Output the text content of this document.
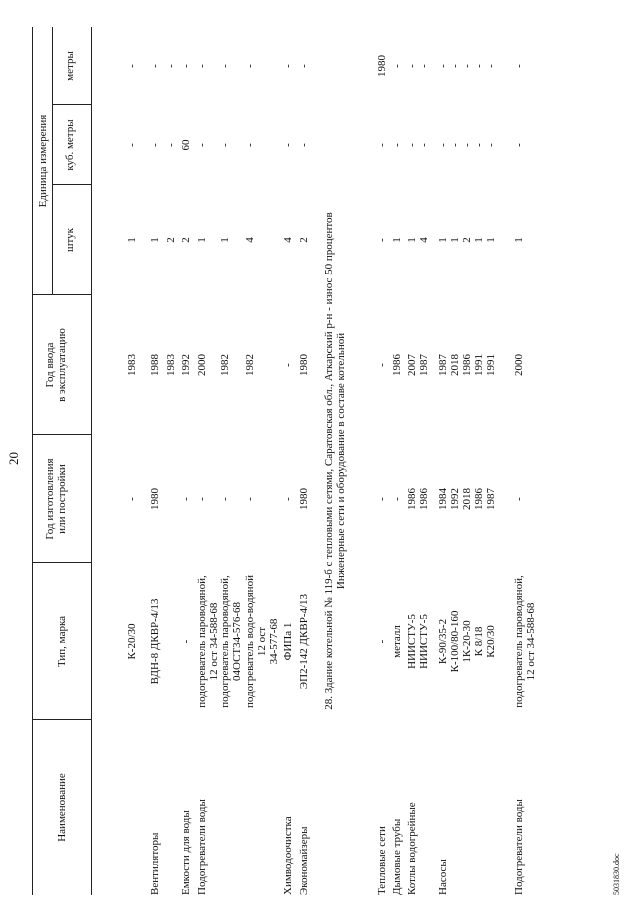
20
Наименование
Тип, марка
Год изготовления или постройки
Год ввода в эксплуатацию
Единица измерения
штук
куб. метры
метры
К-20/30
-
1983
1
-
-
Вентиляторы
ВДН-8 ДКВР-4/13
1980
1988
1
-
-
1983
2
-
-
Емкости для воды
-
-
1992
2
60
-
Подогреватели воды
подогреватель пароводяной, 12 ост 34-588-68
-
2000
1
-
-
подогреватель пароводяной, 04ОСТ34-576-68
-
1982
1
-
-
подогреватель водо-водяной 12 ост 34-577-68
-
1982
4
-
-
Химводоочистка
ФИПа 1
-
-
4
-
-
Экономайзеры
ЭП2-142 ДКВР-4/13
1980
1980
2
-
-
28. Здание котельной № 119-б с тепловыми сетями, Саратовская обл., Аткарский р-н - износ 50 процентов Инженерные сети и оборудование в составе котельной
Тепловые сети
-
-
-
-
-
1980
Дымовые трубы
металл
-
1986
1
-
-
Котлы водогрейные
НИИСТУ-5 НИИСТУ-5
1986 1986
2007 1987
1 4
- -
- -
Насосы
К-90/35-2 К-100/80-160 1К-20-30 К 8/18 К20/30
1984 1992 2018 1986 1987
1987 2018 1986 1991 1991
1 1 2 1 1
- - - - -
- - - - -
Подогреватели воды
подогреватель пароводяной, 12 ост 34-588-68
-
2000
1
-
-
5031830.doc
